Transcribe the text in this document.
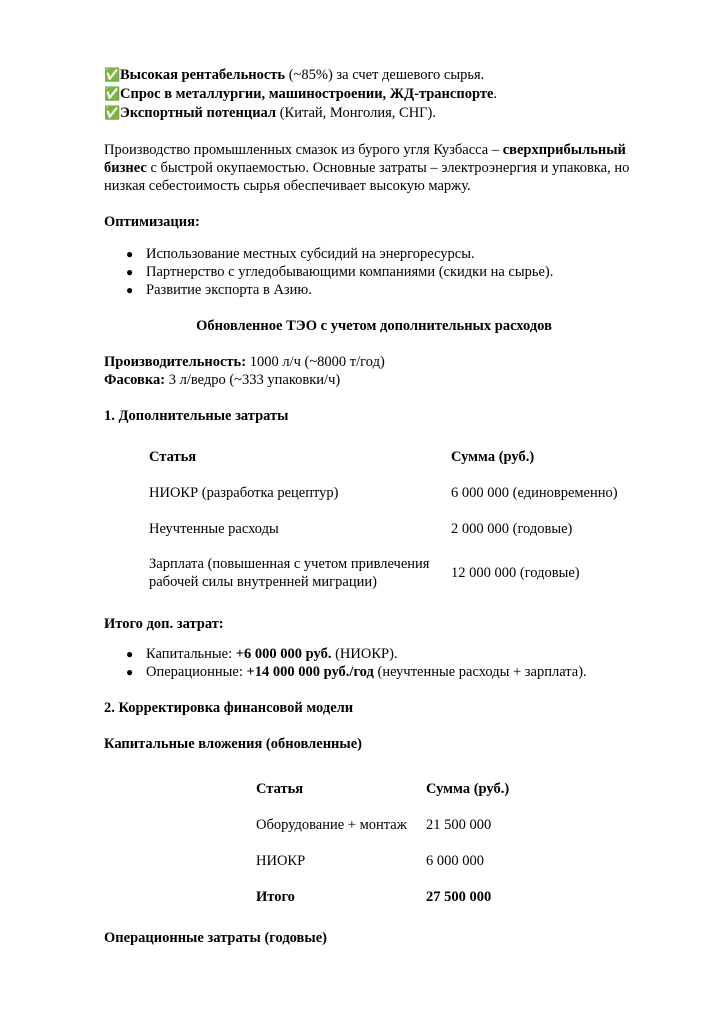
✅Высокая рентабельность (~85%) за счет дешевого сырья.
✅Спрос в металлургии, машиностроении, ЖД-транспорте.
✅Экспортный потенциал (Китай, Монголия, СНГ).

Производство промышленных смазок из бурого угля Кузбасса – сверхприбыльный бизнес с быстрой окупаемостью. Основные затраты – электроэнергия и упаковка, но низкая себестоимость сырья обеспечивает высокую маржу.

Оптимизация:

● Использование местных субсидий на энергоресурсы.
● Партнерство с угледобывающими компаниями (скидки на сырье).
● Развитие экспорта в Азию.

Обновленное ТЭО с учетом дополнительных расходов

Производительность: 1000 л/ч (~8000 т/год)

Фасовка: 3 л/ведро (~333 упаковки/ч)

1. Дополнительные затраты

Статья	Сумма (руб.)
НИОКР (разработка рецептур)	6 000 000 (единовременно)
Неучтенные расходы	2 000 000 (годовые)
Зарплата (повышенная с учетом привлечения рабочей силы внутренней миграции)	12 000 000 (годовые)

Итого доп. затрат:

● Капитальные: +6 000 000 руб. (НИОКР).
● Операционные: +14 000 000 руб./год (неучтенные расходы + зарплата).

2. Корректировка финансовой модели

Капитальные вложения (обновленные)

Статья	Сумма (руб.)
Оборудование + монтаж	21 500 000
НИОКР	6 000 000
Итого	27 500 000

Операционные затраты (годовые)
